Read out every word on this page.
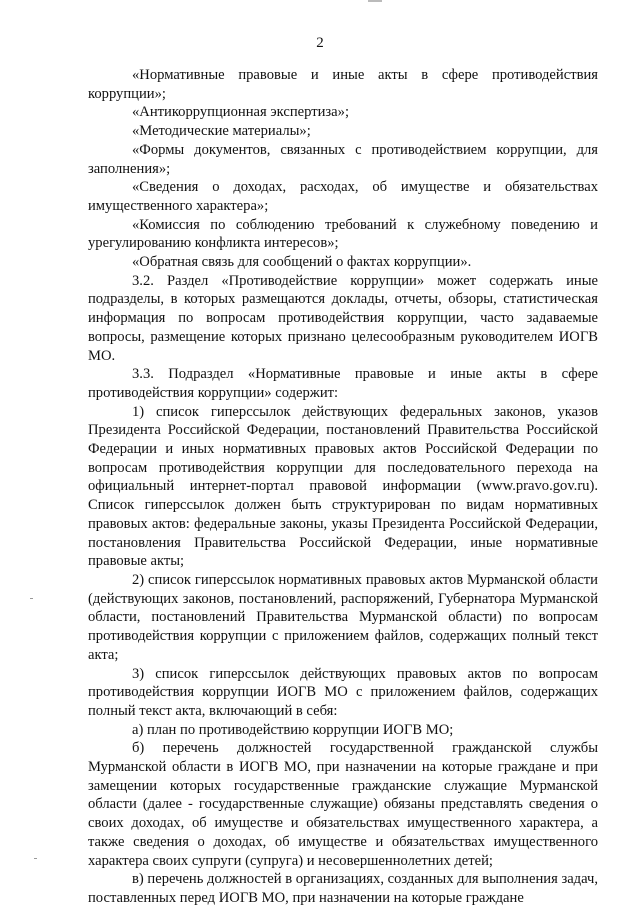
2

«Нормативные правовые и иные акты в сфере противодействия коррупции»;

«Антикоррупционная экспертиза»;

«Методические материалы»;

«Формы документов, связанных с противодействием коррупции, для заполнения»;

«Сведения о доходах, расходах, об имуществе и обязательствах имущественного характера»;

«Комиссия по соблюдению требований к служебному поведению и урегулированию конфликта интересов»;

«Обратная связь для сообщений о фактах коррупции».

3.2. Раздел «Противодействие коррупции» может содержать иные подразделы, в которых размещаются доклады, отчеты, обзоры, статистическая информация по вопросам противодействия коррупции, часто задаваемые вопросы, размещение которых признано целесообразным руководителем ИОГВ МО.

3.3. Подраздел «Нормативные правовые и иные акты в сфере противодействия коррупции» содержит:

1) список гиперссылок действующих федеральных законов, указов Президента Российской Федерации, постановлений Правительства Российской Федерации и иных нормативных правовых актов Российской Федерации по вопросам противодействия коррупции для последовательного перехода на официальный интернет-портал правовой информации (www.pravo.gov.ru). Список гиперссылок должен быть структурирован по видам нормативных правовых актов: федеральные законы, указы Президента Российской Федерации, постановления Правительства Российской Федерации, иные нормативные правовые акты;

2) список гиперссылок нормативных правовых актов Мурманской области (действующих законов, постановлений, распоряжений, Губернатора Мурманской области, постановлений Правительства Мурманской области) по вопросам противодействия коррупции с приложением файлов, содержащих полный текст акта;

3) список гиперссылок действующих правовых актов по вопросам противодействия коррупции ИОГВ МО с приложением файлов, содержащих полный текст акта, включающий в себя:

а) план по противодействию коррупции ИОГВ МО;

б) перечень должностей государственной гражданской службы Мурманской области в ИОГВ МО, при назначении на которые граждане и при замещении которых государственные гражданские служащие Мурманской области (далее - государственные служащие) обязаны представлять сведения о своих доходах, об имуществе и обязательствах имущественного характера, а также сведения о доходах, об имуществе и обязательствах имущественного характера своих супруги (супруга) и несовершеннолетних детей;

в) перечень должностей в организациях, созданных для выполнения задач, поставленных перед ИОГВ МО, при назначении на которые граждане
